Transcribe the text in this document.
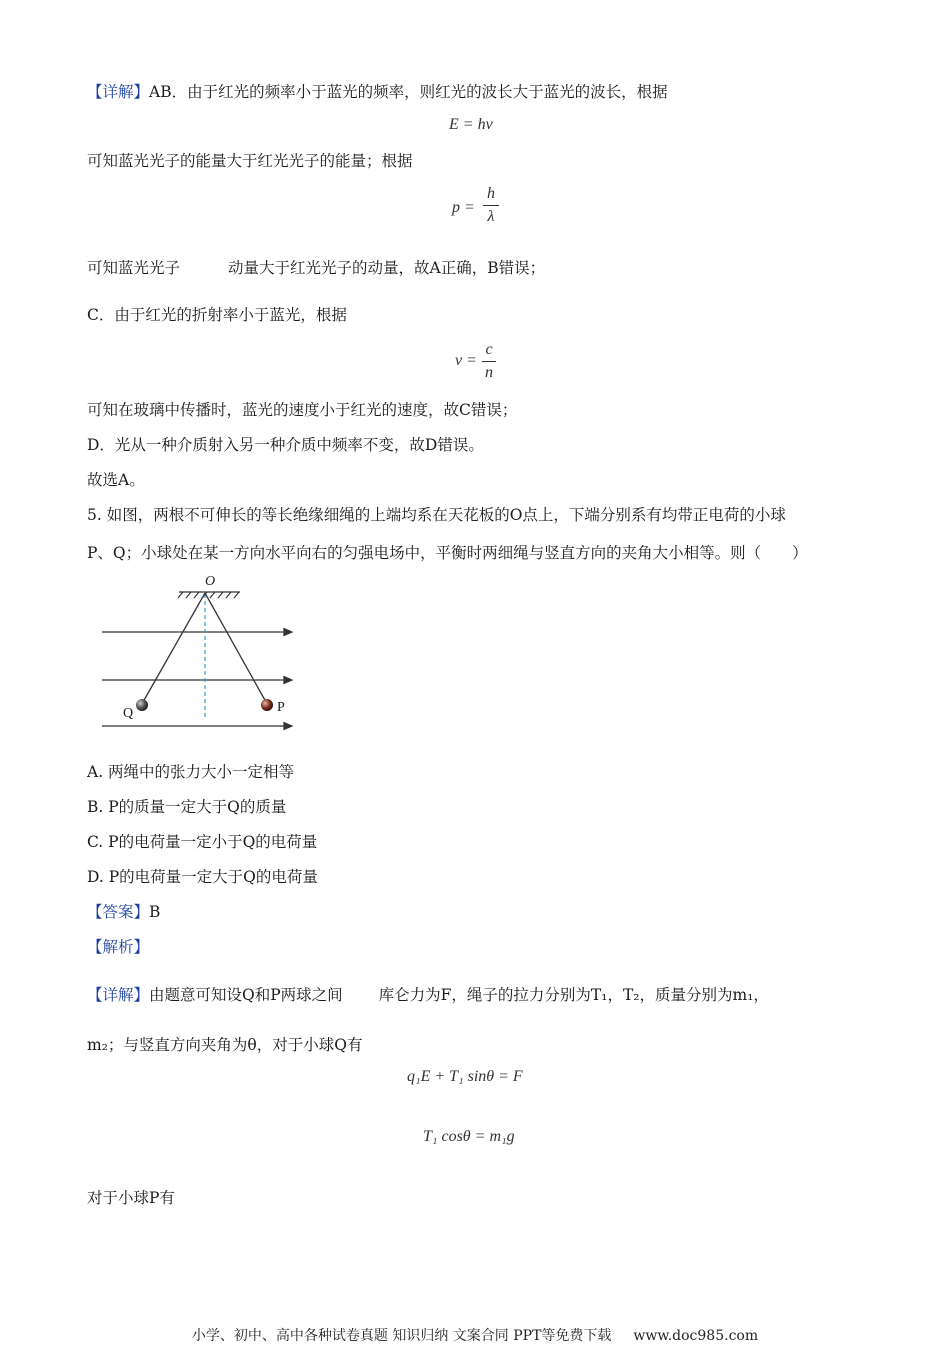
【详解】AB．由于红光的频率小于蓝光的频率，则红光的波长大于蓝光的波长，根据
E = hν
可知蓝光光子的能量大于红光光子的能量；根据
p =
h
λ
可知蓝光光子	动量大于红光光子的动量，故A正确，B错误；
C．由于红光的折射率小于蓝光，根据
v =
c
n
可知在玻璃中传播时，蓝光的速度小于红光的速度，故C错误；
D．光从一种介质射入另一种介质中频率不变，故D错误。
故选A。
5. 如图，两根不可伸长的等长绝缘细绳的上端均系在天花板的O点上，下端分别系有均带正电荷的小球
P、Q；小球处在某一方向水平向右的匀强电场中，平衡时两细绳与竖直方向的夹角大小相等。则（　　）
O
Q	P
A. 两绳中的张力大小一定相等
B. P的质量一定大于Q的质量
C. P的电荷量一定小于Q的电荷量
D. P的电荷量一定大于Q的电荷量
【答案】B
【解析】
【详解】由题意可知设Q和P两球之间 库仑力为F，绳子的拉力分别为T₁，T₂，质量分别为m₁，
m₂；与竖直方向夹角为θ，对于小球Q有
q₁E + T₁ sinθ = F
T₁ cosθ = m₁g
对于小球P有
小学、初中、高中各种试卷真题 知识归纳 文案合同 PPT等免费下载 www.doc985.com
